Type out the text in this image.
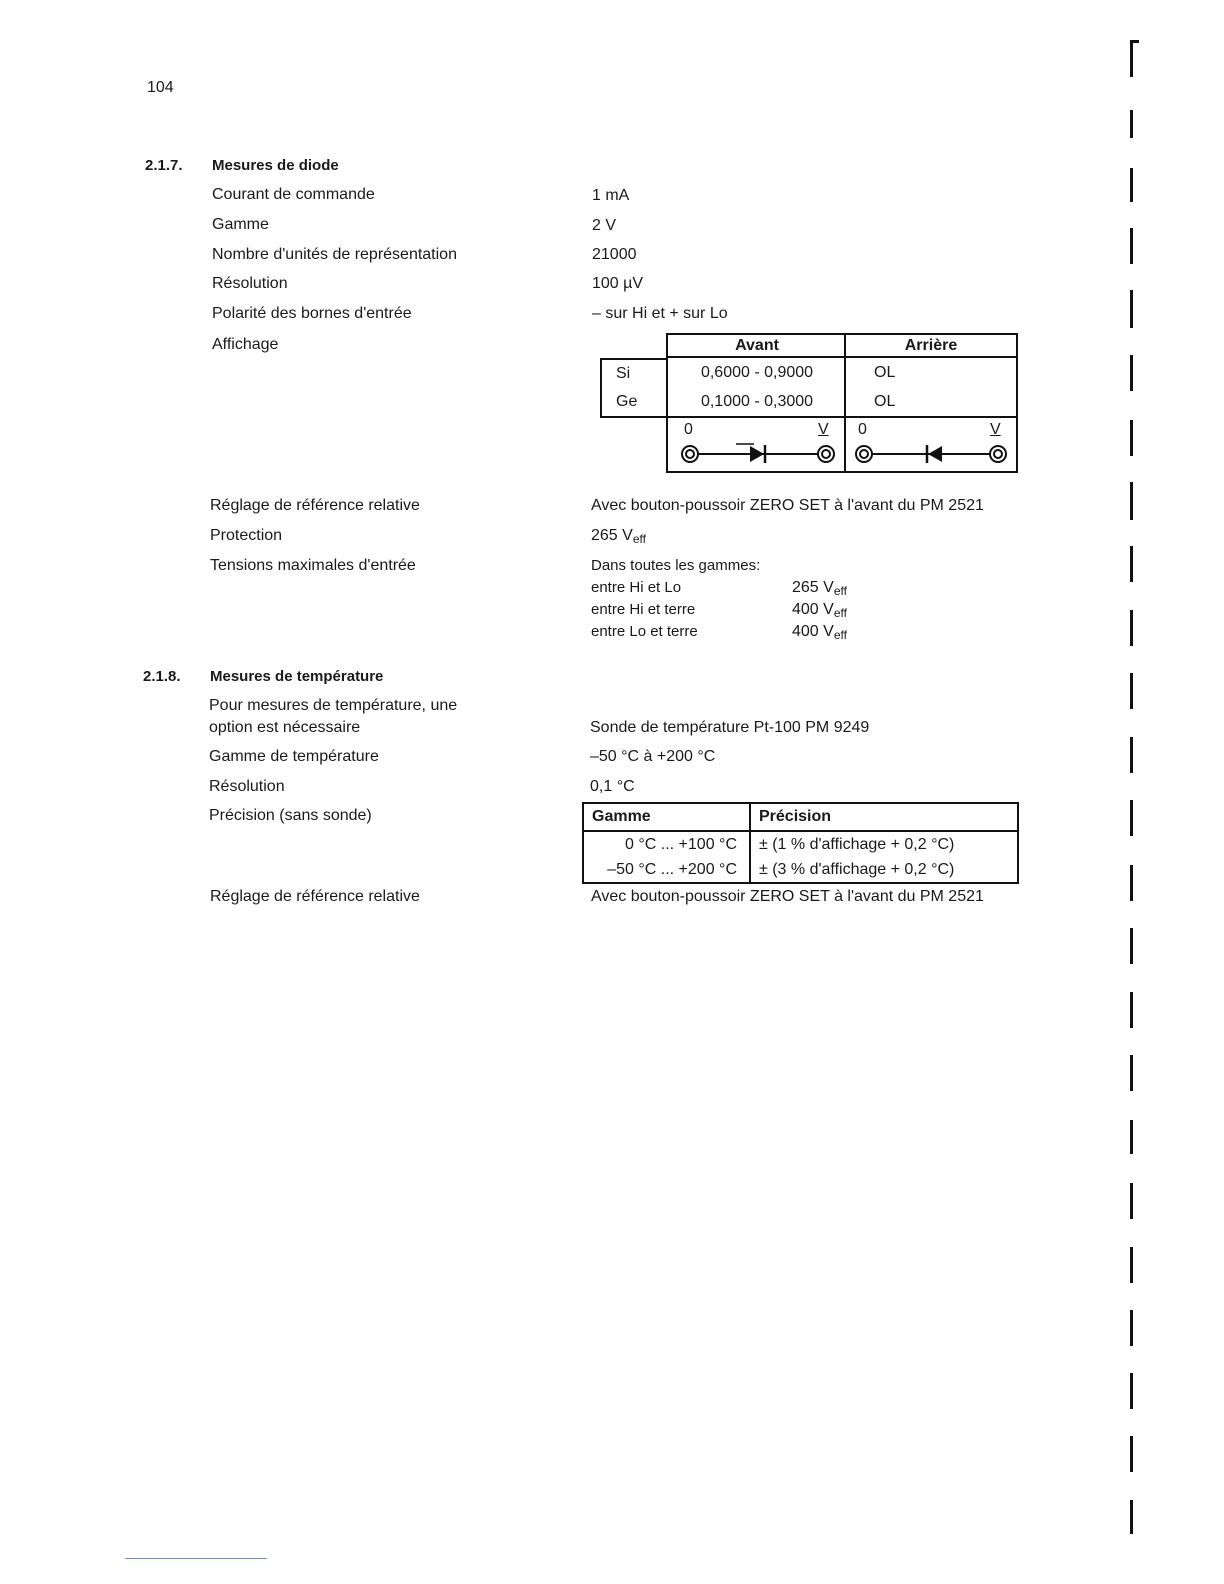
104
2.1.7. Mesures de diode
Courant de commande	1 mA
Gamme	2 V
Nombre d'unités de représentation	21000
Résolution	100 µV
Polarité des bornes d'entrée	– sur Hi et + sur Lo
Affichage	Avant	Arrière
Si	0,6000 - 0,9000	OL
Ge	0,1000 - 0,3000	OL
0	V 0	V
Réglage de référence relative	Avec bouton-poussoir ZERO SET à l'avant du PM 2521
Protection	265 $V_{eff}$
Tensions maximales d'entrée	Dans toutes les gammes:
entre Hi et Lo	265 $V_{eff}$
entre Hi et terre	400 $V_{eff}$
entre Lo et terre	400 $V_{eff}$
2.1.8. Mesures de température
Pour mesures de température, une
option est nécessaire	Sonde de température Pt-100 PM 9249
Gamme de température	–50 °C à +200 °C
Résolution	0,1 °C
Précision (sans sonde)	Gamme	Précision
0 °C ... +100 °C	± (1 % d'affichage + 0,2 °C)
–50 °C ... +200 °C	± (3 % d'affichage + 0,2 °C)
Réglage de référence relative	Avec bouton-poussoir ZERO SET à l'avant du PM 2521
